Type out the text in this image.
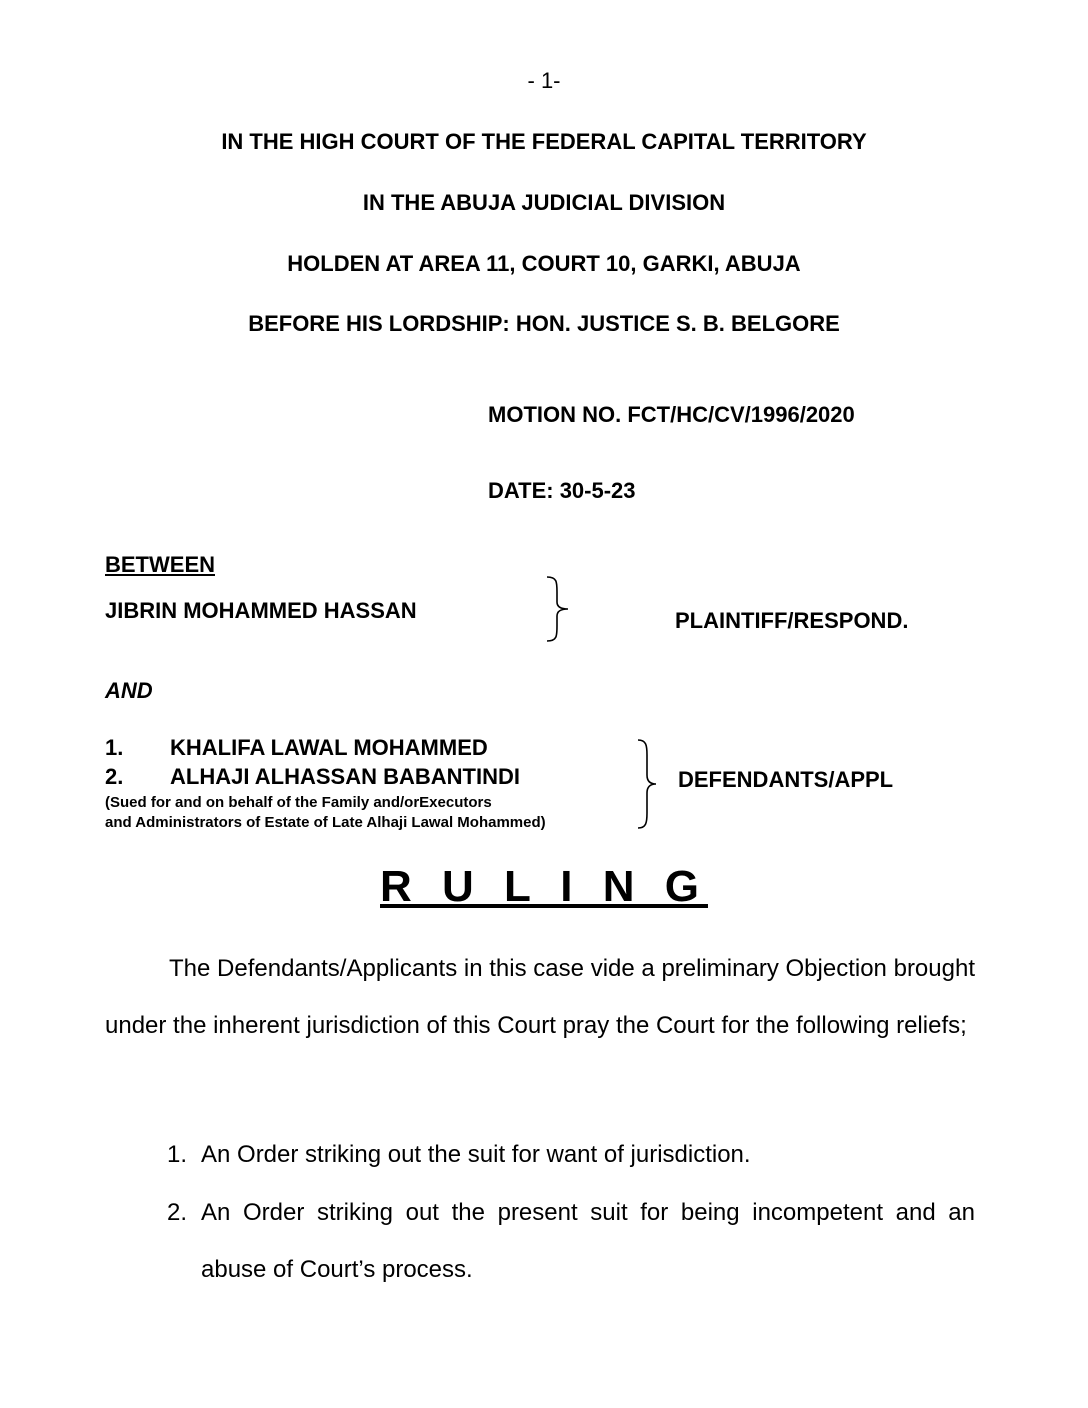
- 1-
IN THE HIGH COURT OF THE FEDERAL CAPITAL TERRITORY
IN THE ABUJA JUDICIAL DIVISION
HOLDEN AT AREA 11, COURT 10, GARKI, ABUJA
BEFORE HIS LORDSHIP: HON. JUSTICE S. B. BELGORE
MOTION NO. FCT/HC/CV/1996/2020
DATE: 30-5-23
BETWEEN
JIBRIN MOHAMMED HASSAN	PLAINTIFF/RESPOND.
AND
1. KHALIFA LAWAL MOHAMMED
2. ALHAJI ALHASSAN BABANTINDI
(Sued for and on behalf of the Family and/orExecutors
and Administrators of Estate of Late Alhaji Lawal Mohammed)
DEFENDANTS/APPL
R U L I N G

The Defendants/Applicants in this case vide a preliminary Objection brought under the inherent jurisdiction of this Court pray the Court for the following reliefs;

1. An Order striking out the suit for want of jurisdiction.
2. An Order striking out the present suit for being incompetent and an abuse of Court’s process.
